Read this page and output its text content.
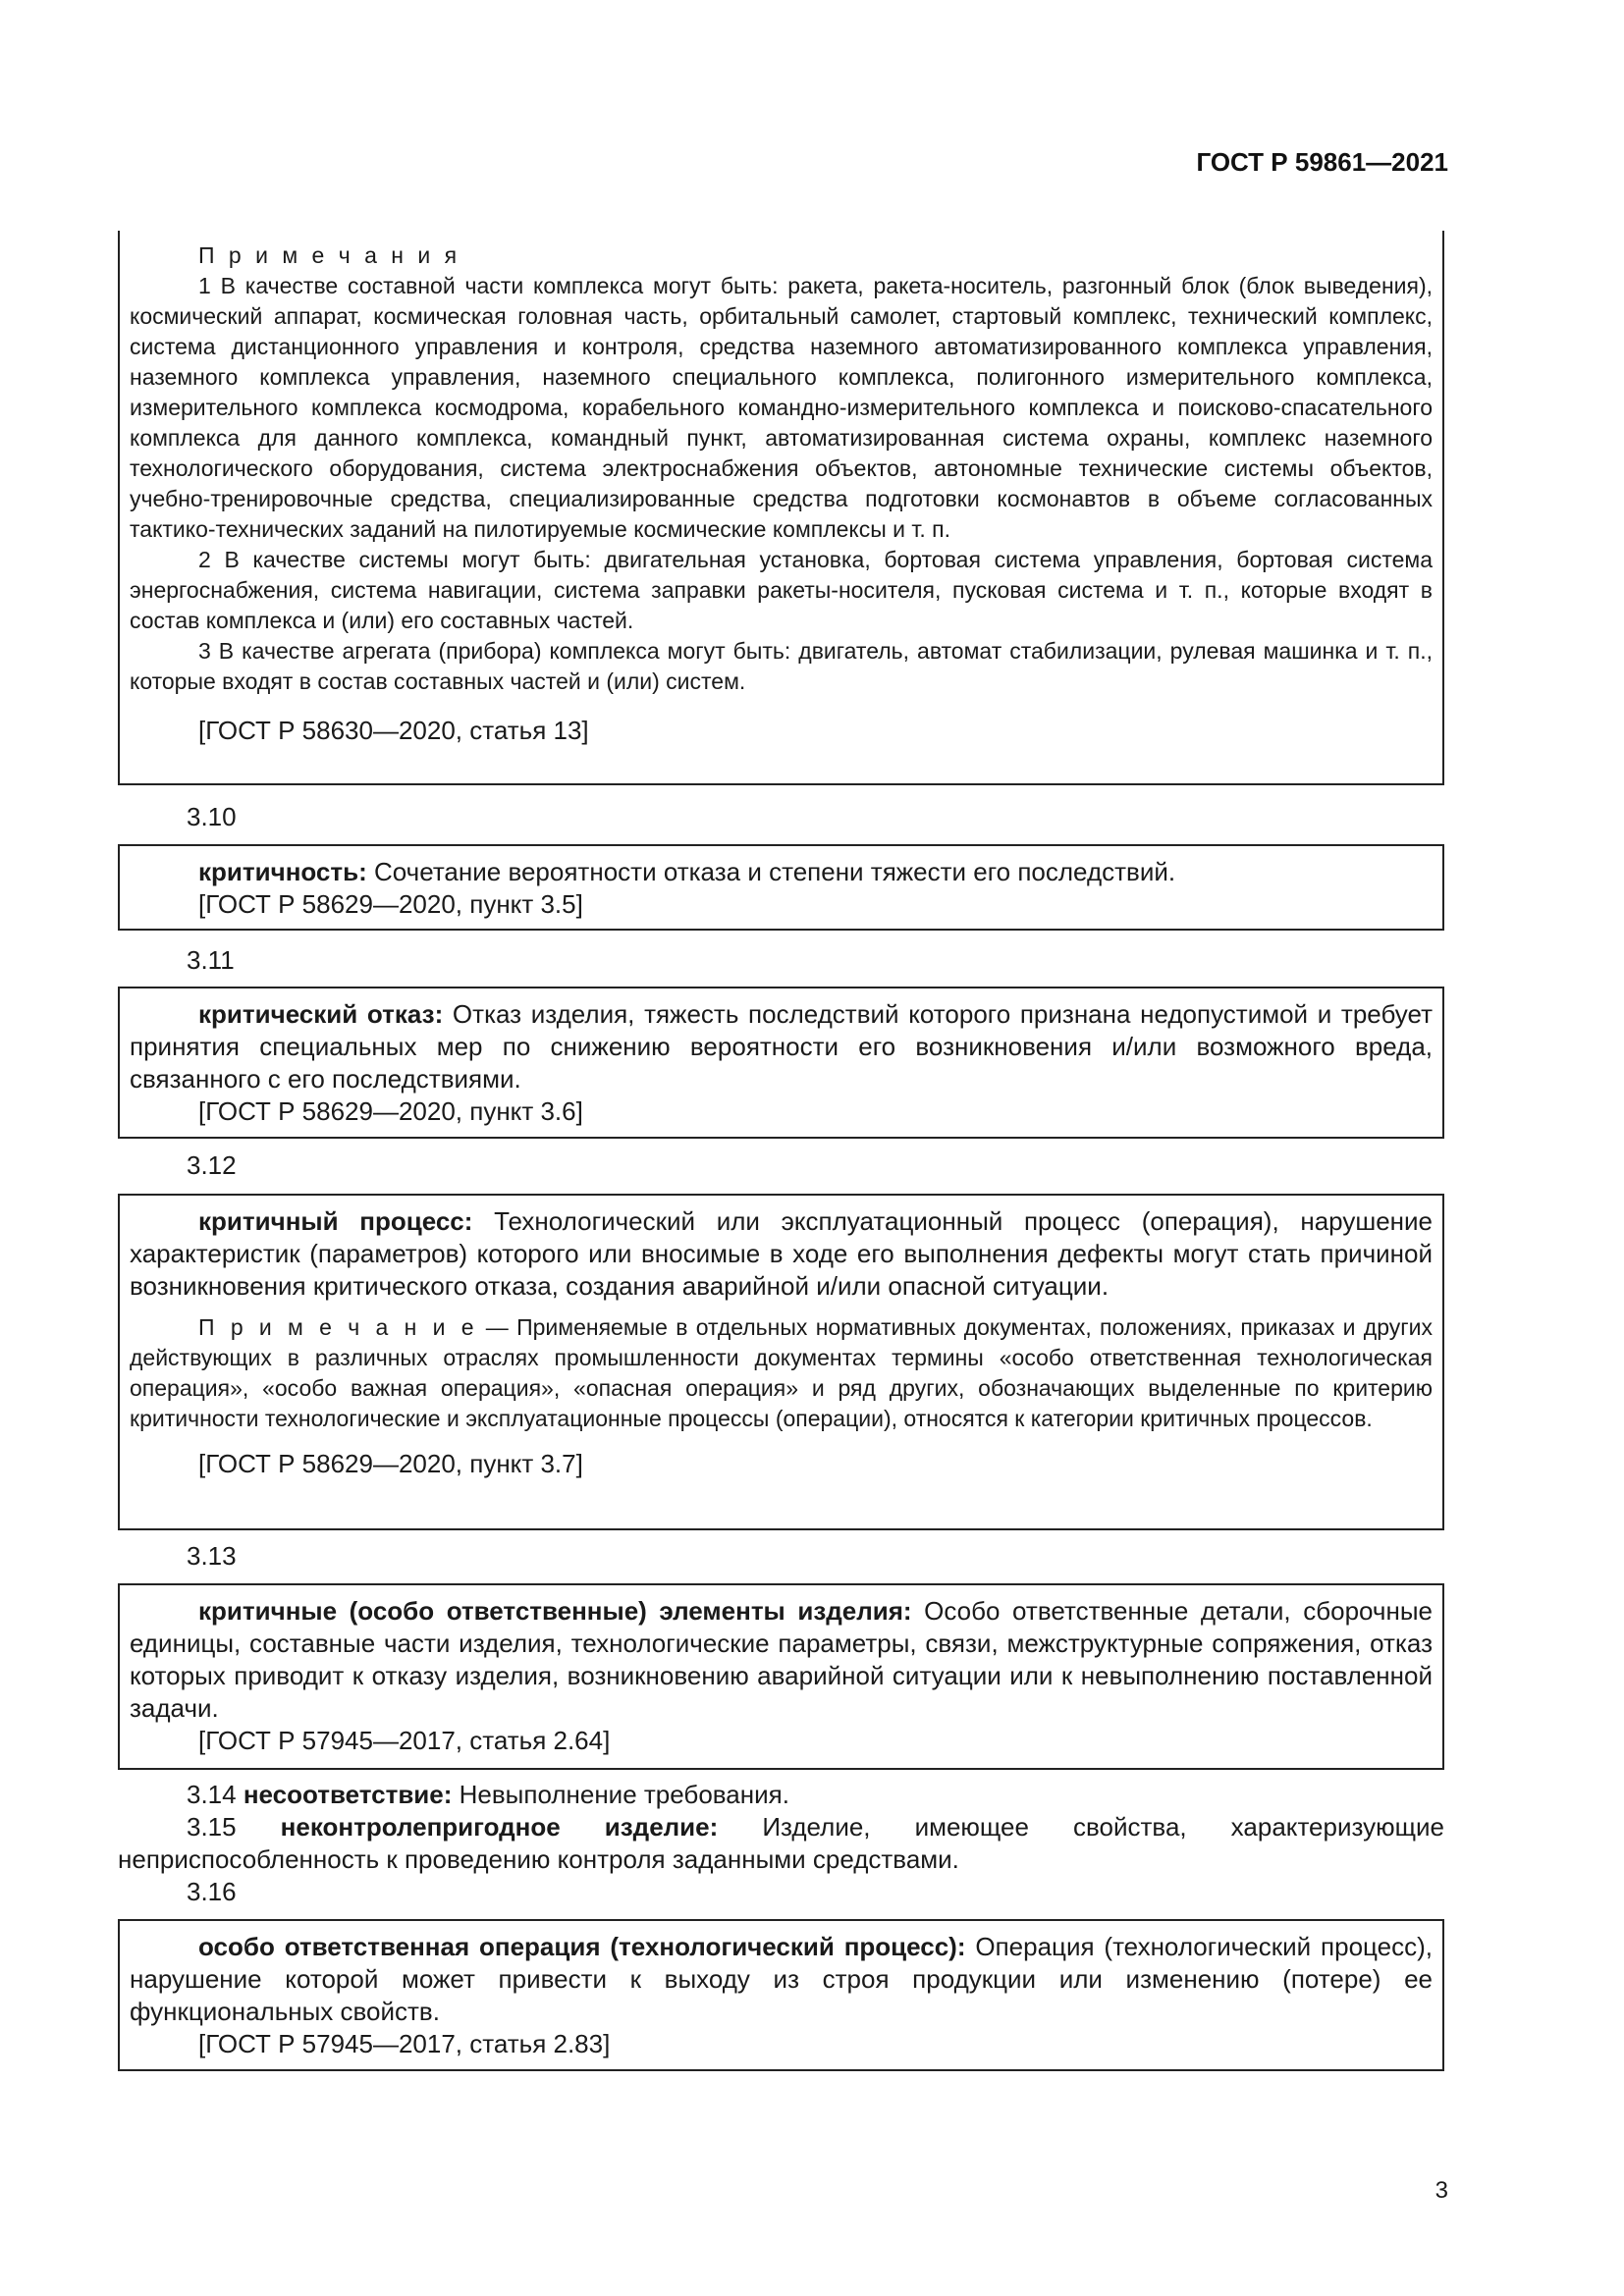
ГОСТ Р 59861—2021

П р и м е ч а н и я

1 В качестве составной части комплекса могут быть: ракета, ракета-носитель, разгонный блок (блок выведения), космический аппарат, космическая головная часть, орбитальный самолет, стартовый комплекс, технический комплекс, система дистанционного управления и контроля, средства наземного автоматизированного комплекса управления, наземного комплекса управления, наземного специального комплекса, полигонного измерительного комплекса, измерительного комплекса космодрома, корабельного командно-измерительного комплекса и поисково-спасательного комплекса для данного комплекса, командный пункт, автоматизированная система охраны, комплекс наземного технологического оборудования, система электроснабжения объектов, автономные технические системы объектов, учебно-тренировочные средства, специализированные средства подготовки космонавтов в объеме согласованных тактико-технических заданий на пилотируемые космические комплексы и т. п.

2 В качестве системы могут быть: двигательная установка, бортовая система управления, бортовая система энергоснабжения, система навигации, система заправки ракеты-носителя, пусковая система и т. п., которые входят в состав комплекса и (или) его составных частей.

3 В качестве агрегата (прибора) комплекса могут быть: двигатель, автомат стабилизации, рулевая машинка и т. п., которые входят в состав составных частей и (или) систем.

[ГОСТ Р 58630—2020, статья 13]

3.10

критичность: Сочетание вероятности отказа и степени тяжести его последствий.

[ГОСТ Р 58629—2020, пункт 3.5]

3.11

критический отказ: Отказ изделия, тяжесть последствий которого признана недопустимой и требует принятия специальных мер по снижению вероятности его возникновения и/или возможного вреда, связанного с его последствиями.

[ГОСТ Р 58629—2020, пункт 3.6]

3.12

критичный процесс: Технологический или эксплуатационный процесс (операция), нарушение характеристик (параметров) которого или вносимые в ходе его выполнения дефекты могут стать причиной возникновения критического отказа, создания аварийной и/или опасной ситуации.

П р и м е ч а н и е — Применяемые в отдельных нормативных документах, положениях, приказах и других действующих в различных отраслях промышленности документах термины «особо ответственная технологическая операция», «особо важная операция», «опасная операция» и ряд других, обозначающих выделенные по критерию критичности технологические и эксплуатационные процессы (операции), относятся к категории критичных процессов.

[ГОСТ Р 58629—2020, пункт 3.7]

3.13

критичные (особо ответственные) элементы изделия: Особо ответственные детали, сборочные единицы, составные части изделия, технологические параметры, связи, межструктурные сопряжения, отказ которых приводит к отказу изделия, возникновению аварийной ситуации или к невыполнению поставленной задачи.

[ГОСТ Р 57945—2017, статья 2.64]

3.14 несоответствие: Невыполнение требования.

3.15 неконтролепригодное изделие: Изделие, имеющее свойства, характеризующие неприспособленность к проведению контроля заданными средствами.

3.16

особо ответственная операция (технологический процесс): Операция (технологический процесс), нарушение которой может привести к выходу из строя продукции или изменению (потере) ее функциональных свойств.

[ГОСТ Р 57945—2017, статья 2.83]

3
